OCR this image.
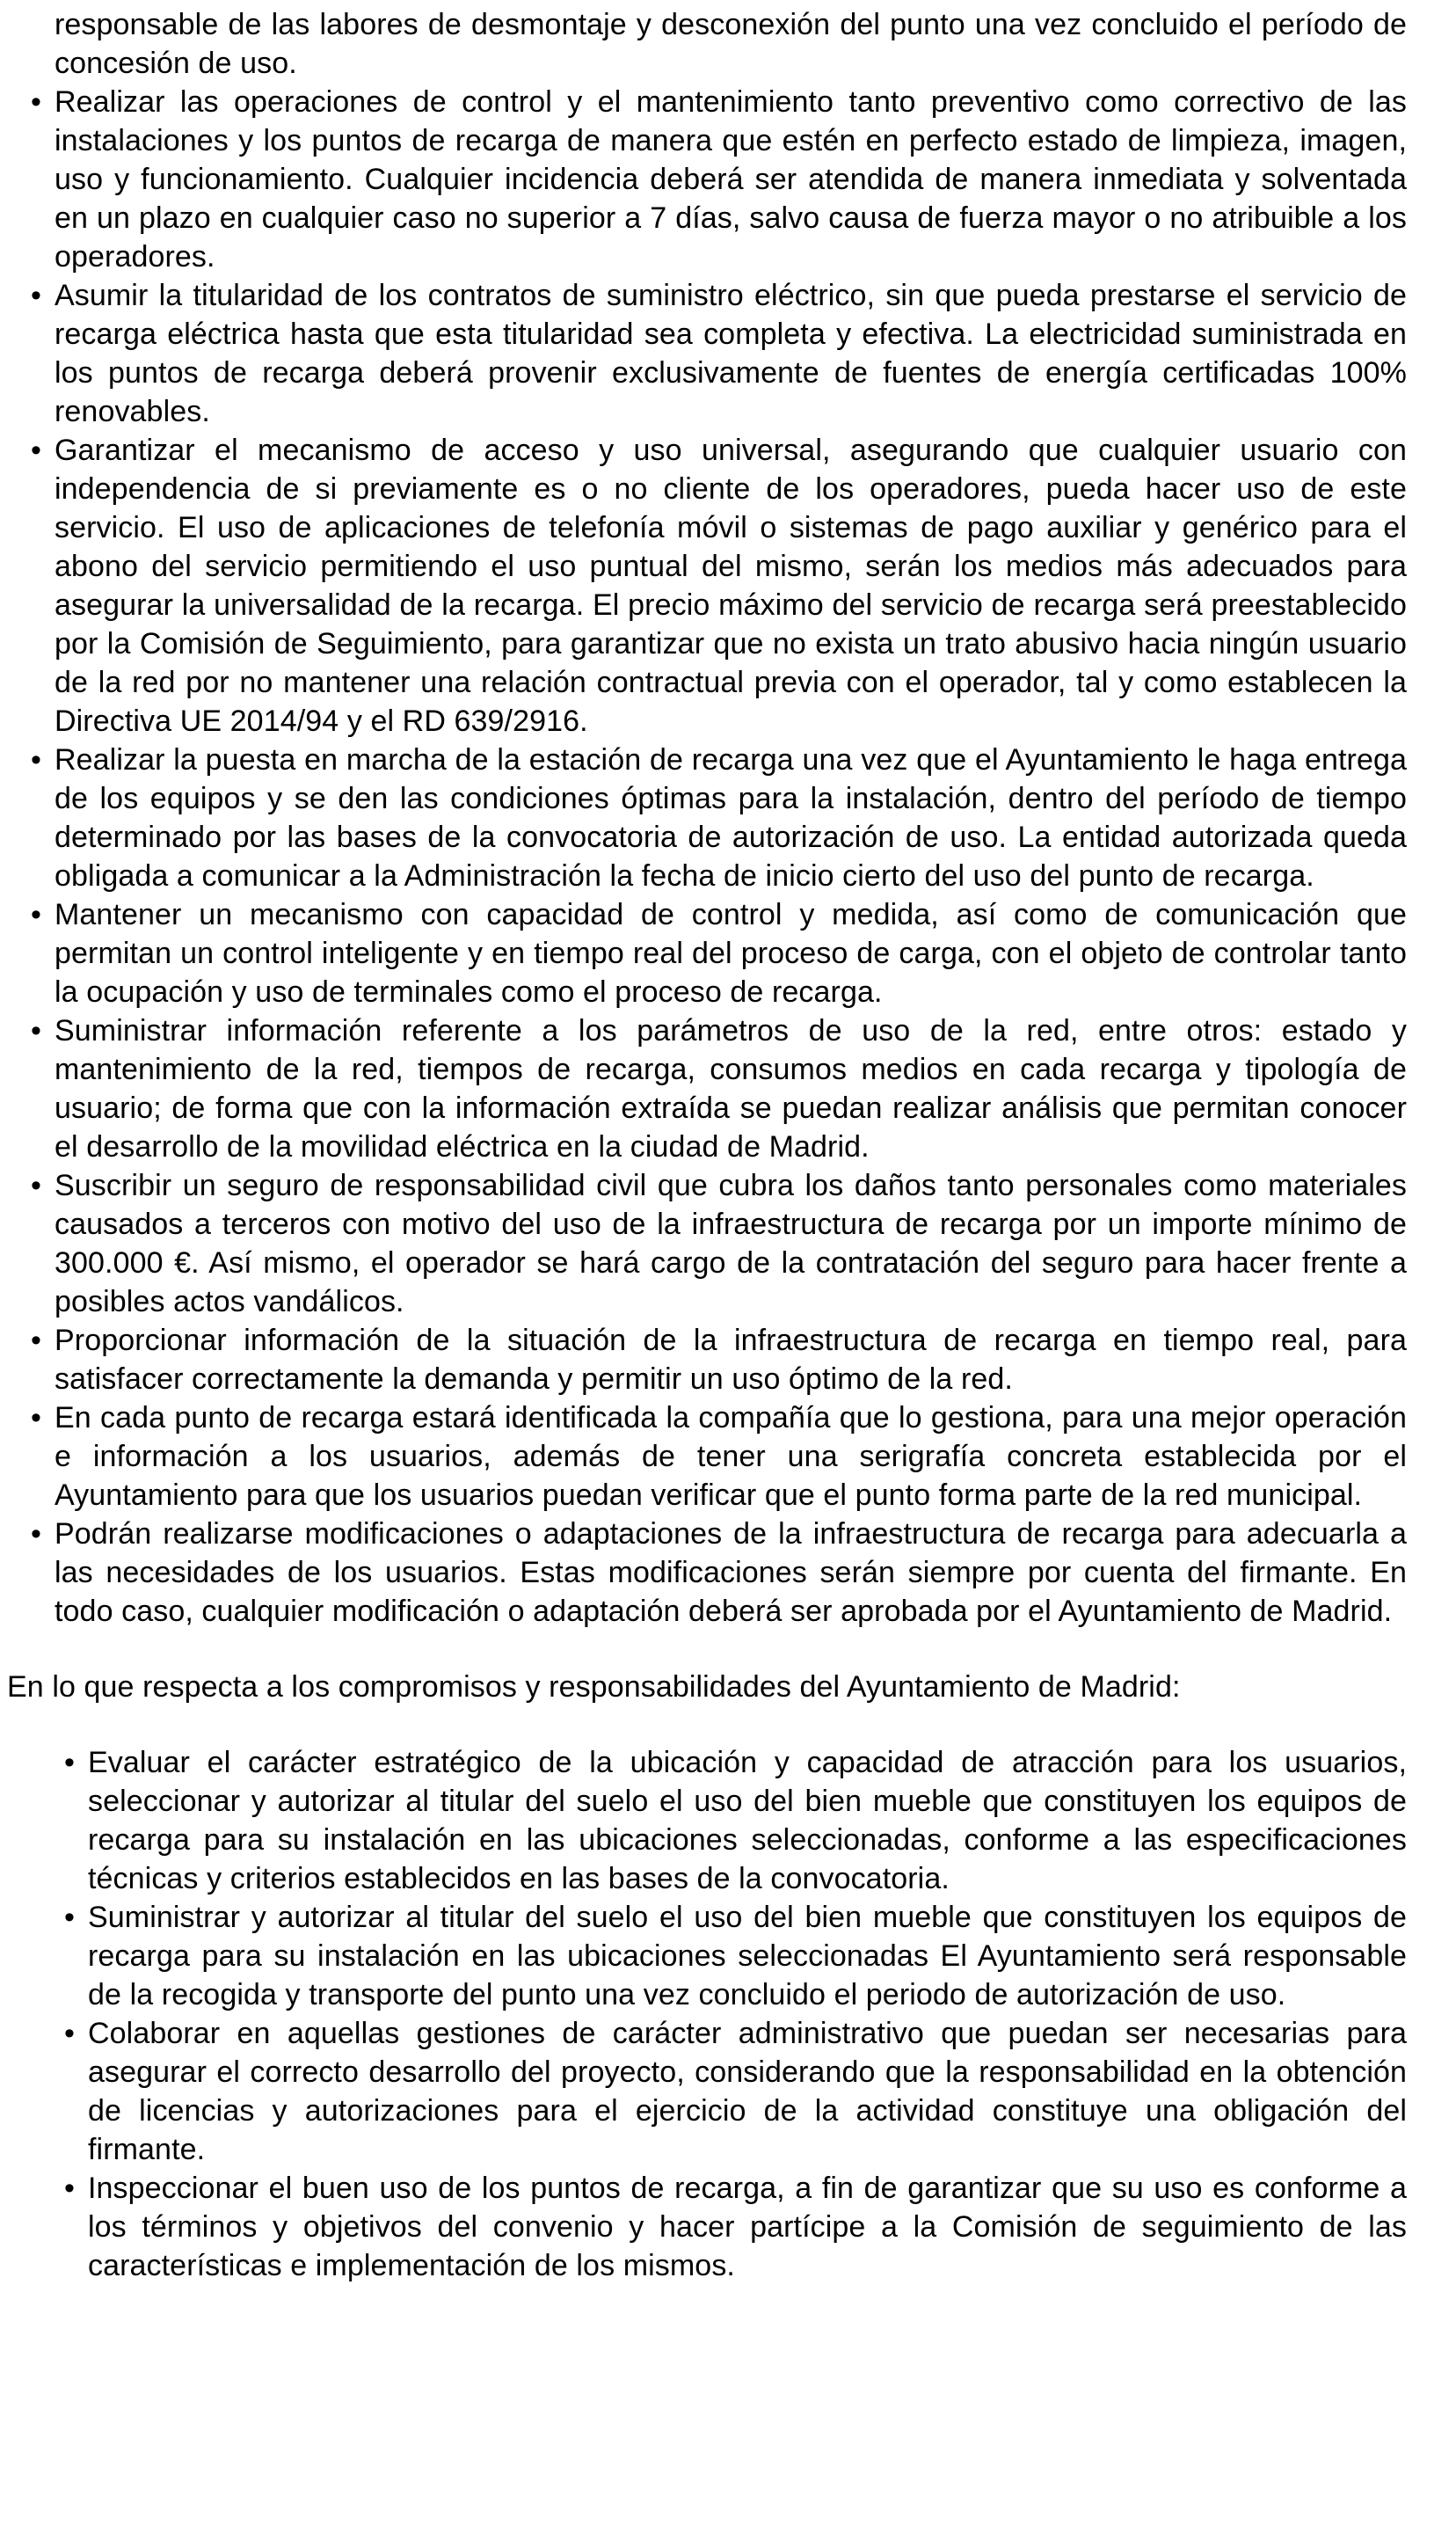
responsable de las labores de desmontaje y desconexión del punto una vez concluido el período de concesión de uso.

• Realizar las operaciones de control y el mantenimiento tanto preventivo como correctivo de las instalaciones y los puntos de recarga de manera que estén en perfecto estado de limpieza, imagen, uso y funcionamiento. Cualquier incidencia deberá ser atendida de manera inmediata y solventada en un plazo en cualquier caso no superior a 7 días, salvo causa de fuerza mayor o no atribuible a los operadores.
• Asumir la titularidad de los contratos de suministro eléctrico, sin que pueda prestarse el servicio de recarga eléctrica hasta que esta titularidad sea completa y efectiva. La electricidad suministrada en los puntos de recarga deberá provenir exclusivamente de fuentes de energía certificadas 100% renovables.
• Garantizar el mecanismo de acceso y uso universal, asegurando que cualquier usuario con independencia de si previamente es o no cliente de los operadores, pueda hacer uso de este servicio. El uso de aplicaciones de telefonía móvil o sistemas de pago auxiliar y genérico para el abono del servicio permitiendo el uso puntual del mismo, serán los medios más adecuados para asegurar la universalidad de la recarga. El precio máximo del servicio de recarga será preestablecido por la Comisión de Seguimiento, para garantizar que no exista un trato abusivo hacia ningún usuario de la red por no mantener una relación contractual previa con el operador, tal y como establecen la Directiva UE 2014/94 y el RD 639/2916.
• Realizar la puesta en marcha de la estación de recarga una vez que el Ayuntamiento le haga entrega de los equipos y se den las condiciones óptimas para la instalación, dentro del período de tiempo determinado por las bases de la convocatoria de autorización de uso. La entidad autorizada queda obligada a comunicar a la Administración la fecha de inicio cierto del uso del punto de recarga.
• Mantener un mecanismo con capacidad de control y medida, así como de comunicación que permitan un control inteligente y en tiempo real del proceso de carga, con el objeto de controlar tanto la ocupación y uso de terminales como el proceso de recarga.
• Suministrar información referente a los parámetros de uso de la red, entre otros: estado y mantenimiento de la red, tiempos de recarga, consumos medios en cada recarga y tipología de usuario; de forma que con la información extraída se puedan realizar análisis que permitan conocer el desarrollo de la movilidad eléctrica en la ciudad de Madrid.
• Suscribir un seguro de responsabilidad civil que cubra los daños tanto personales como materiales causados a terceros con motivo del uso de la infraestructura de recarga por un importe mínimo de 300.000 €. Así mismo, el operador se hará cargo de la contratación del seguro para hacer frente a posibles actos vandálicos.
• Proporcionar información de la situación de la infraestructura de recarga en tiempo real, para satisfacer correctamente la demanda y permitir un uso óptimo de la red.
• En cada punto de recarga estará identificada la compañía que lo gestiona, para una mejor operación e información a los usuarios, además de tener una serigrafía concreta establecida por el Ayuntamiento para que los usuarios puedan verificar que el punto forma parte de la red municipal.
• Podrán realizarse modificaciones o adaptaciones de la infraestructura de recarga para adecuarla a las necesidades de los usuarios. Estas modificaciones serán siempre por cuenta del firmante. En todo caso, cualquier modificación o adaptación deberá ser aprobada por el Ayuntamiento de Madrid.

En lo que respecta a los compromisos y responsabilidades del Ayuntamiento de Madrid:

• Evaluar el carácter estratégico de la ubicación y capacidad de atracción para los usuarios, seleccionar y autorizar al titular del suelo el uso del bien mueble que constituyen los equipos de recarga para su instalación en las ubicaciones seleccionadas, conforme a las especificaciones técnicas y criterios establecidos en las bases de la convocatoria.
• Suministrar y autorizar al titular del suelo el uso del bien mueble que constituyen los equipos de recarga para su instalación en las ubicaciones seleccionadas El Ayuntamiento será responsable de la recogida y transporte del punto una vez concluido el periodo de autorización de uso.
• Colaborar en aquellas gestiones de carácter administrativo que puedan ser necesarias para asegurar el correcto desarrollo del proyecto, considerando que la responsabilidad en la obtención de licencias y autorizaciones para el ejercicio de la actividad constituye una obligación del firmante.
• Inspeccionar el buen uso de los puntos de recarga, a fin de garantizar que su uso es conforme a los términos y objetivos del convenio y hacer partícipe a la Comisión de seguimiento de las características e implementación de los mismos.
